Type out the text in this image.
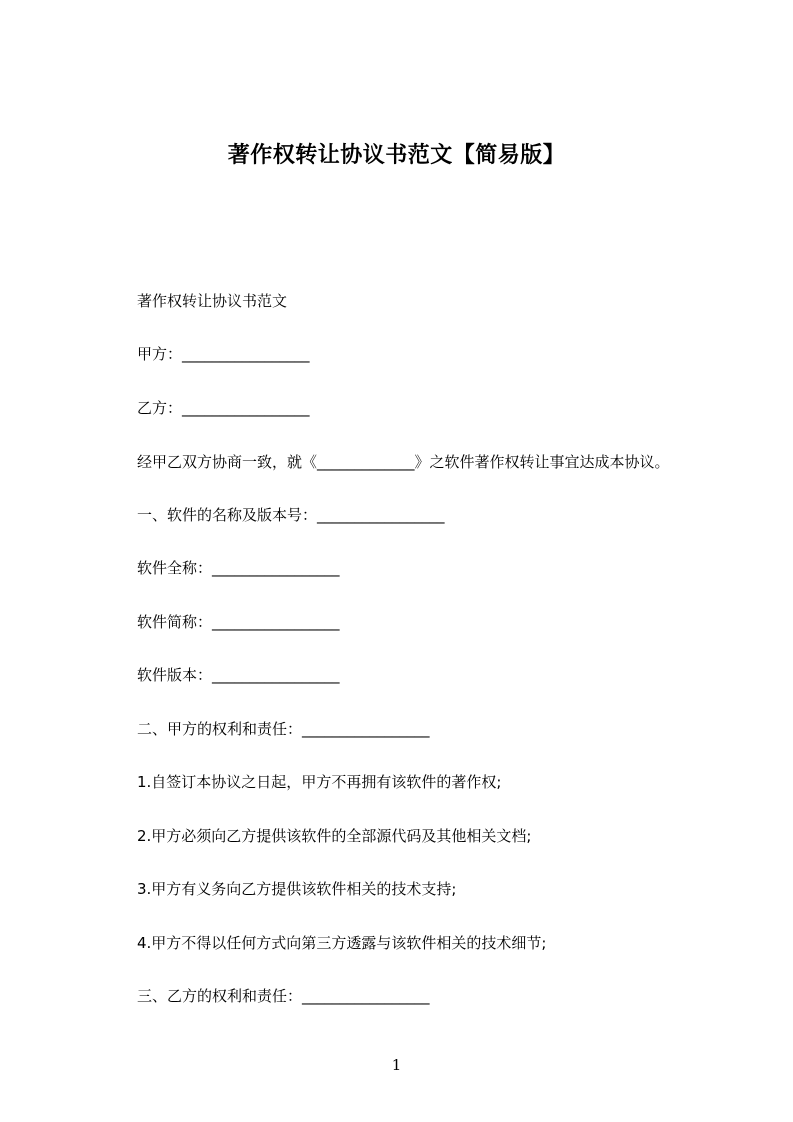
著作权转让协议书范文【简易版】

著作权转让协议书范文

甲方：_________________

乙方：_________________

经甲乙双方协商一致，就《_____________》之软件著作权转让事宜达成本协议。

一、软件的名称及版本号：_________________

软件全称：_________________

软件简称：_________________

软件版本：_________________

二、甲方的权利和责任：_________________

1.自签订本协议之日起，甲方不再拥有该软件的著作权;

2.甲方必须向乙方提供该软件的全部源代码及其他相关文档;

3.甲方有义务向乙方提供该软件相关的技术支持;

4.甲方不得以任何方式向第三方透露与该软件相关的技术细节;

三、乙方的权利和责任：_________________

1
